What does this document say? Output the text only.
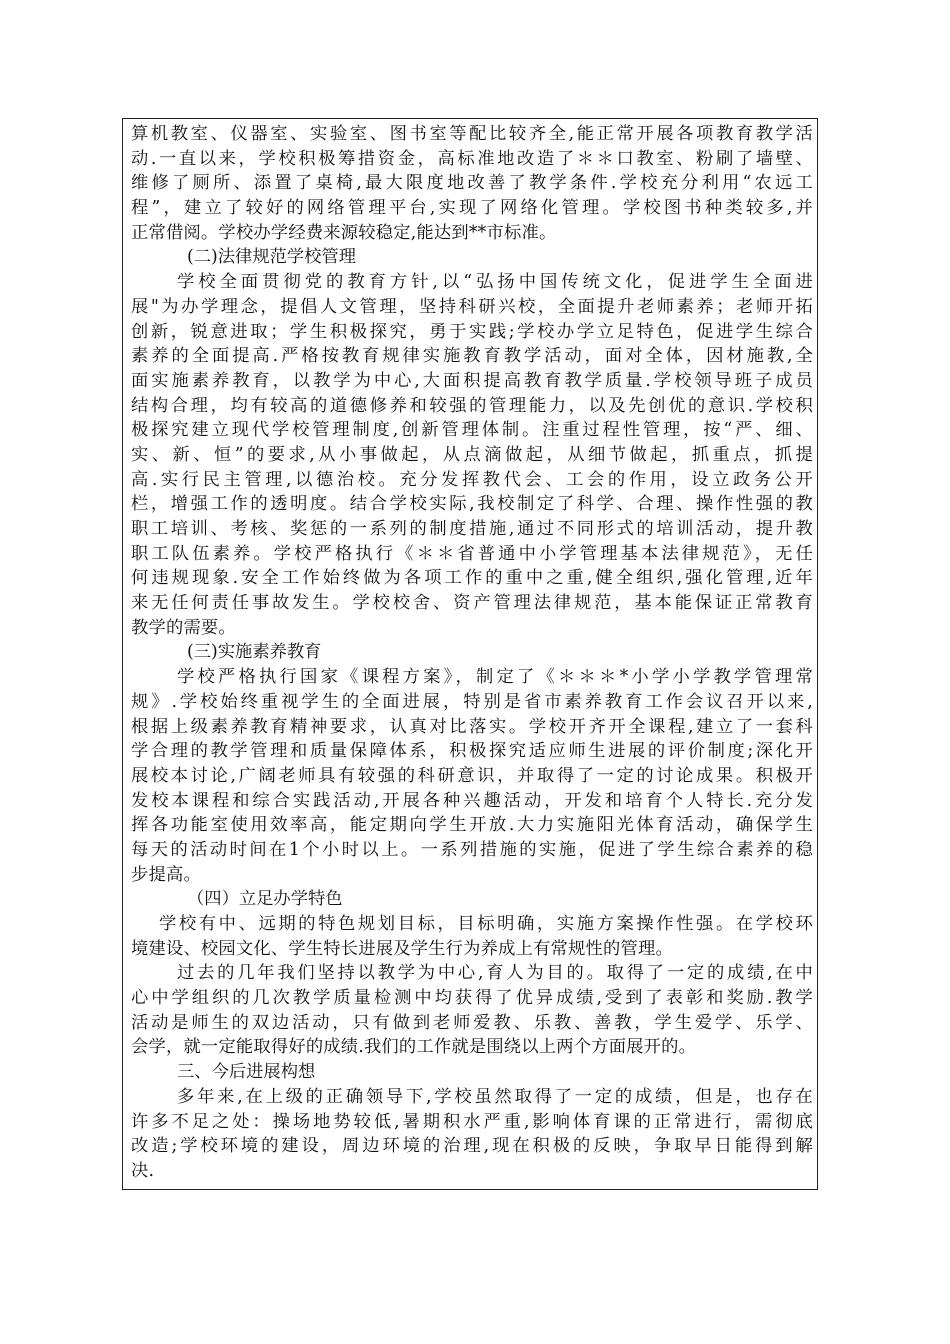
算机教室、仪器室、实验室、图书室等配比较齐全,能正常开展各项教育教学活
动.一直以来，学校积极筹措资金，高标准地改造了＊＊口教室、粉刷了墙壁、
维修了厕所、添置了桌椅,最大限度地改善了教学条件.学校充分利用“农远工
程”，建立了较好的网络管理平台,实现了网络化管理。学校图书种类较多,并
正常借阅。学校办学经费来源较稳定,能达到**市标准。
(二)法律规范学校管理
学校全面贯彻党的教育方针,以“弘扬中国传统文化，促进学生全面进
展"为办学理念，提倡人文管理，坚持科研兴校，全面提升老师素养；老师开拓
创新，锐意进取；学生积极探究，勇于实践;学校办学立足特色，促进学生综合
素养的全面提高.严格按教育规律实施教育教学活动，面对全体，因材施教,全
面实施素养教育，以教学为中心,大面积提高教育教学质量.学校领导班子成员
结构合理，均有较高的道德修养和较强的管理能力，以及先创优的意识.学校积
极探究建立现代学校管理制度,创新管理体制。注重过程性管理，按“严、细、
实、新、恒”的要求,从小事做起，从点滴做起，从细节做起，抓重点，抓提
高.实行民主管理,以德治校。充分发挥教代会、工会的作用，设立政务公开
栏，增强工作的透明度。结合学校实际,我校制定了科学、合理、操作性强的教
职工培训、考核、奖惩的一系列的制度措施,通过不同形式的培训活动，提升教
职工队伍素养。学校严格执行《＊＊省普通中小学管理基本法律规范》，无任
何违规现象.安全工作始终做为各项工作的重中之重,健全组织,强化管理,近年
来无任何责任事故发生。学校校舍、资产管理法律规范，基本能保证正常教育
教学的需要。
(三)实施素养教育
学校严格执行国家《课程方案》，制定了《＊＊＊*小学小学教学管理常
规》.学校始终重视学生的全面进展，特别是省市素养教育工作会议召开以来,
根据上级素养教育精神要求，认真对比落实。学校开齐开全课程,建立了一套科
学合理的教学管理和质量保障体系，积极探究适应师生进展的评价制度;深化开
展校本讨论,广阔老师具有较强的科研意识，并取得了一定的讨论成果。积极开
发校本课程和综合实践活动,开展各种兴趣活动，开发和培育个人特长.充分发
挥各功能室使用效率高，能定期向学生开放.大力实施阳光体育活动，确保学生
每天的活动时间在1个小时以上。一系列措施的实施，促进了学生综合素养的稳
步提高。
（四）立足办学特色
学校有中、远期的特色规划目标，目标明确，实施方案操作性强。在学校环
境建设、校园文化、学生特长进展及学生行为养成上有常规性的管理。
过去的几年我们坚持以教学为中心,育人为目的。取得了一定的成绩,在中
心中学组织的几次教学质量检测中均获得了优异成绩,受到了表彰和奖励.教学
活动是师生的双边活动，只有做到老师爱教、乐教、善教，学生爱学、乐学、
会学，就一定能取得好的成绩.我们的工作就是围绕以上两个方面展开的。
三、今后进展构想
多年来,在上级的正确领导下,学校虽然取得了一定的成绩，但是，也存在
许多不足之处：操场地势较低,暑期积水严重,影响体育课的正常进行，需彻底
改造;学校环境的建设，周边环境的治理,现在积极的反映，争取早日能得到解
决.
